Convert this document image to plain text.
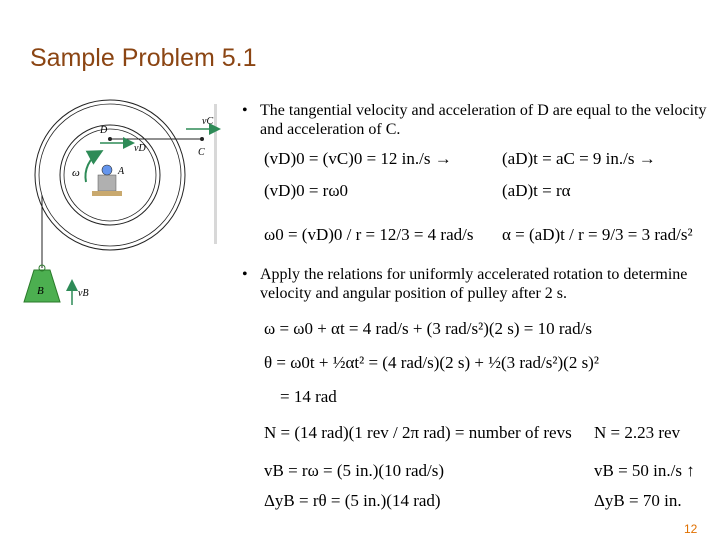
Sample Problem 5.1
vC
vD
D
C
A
ω
B	vB
• The tangential velocity and acceleration of D are equal to the velocity and acceleration of C.
(vD)0 = (vC)0 = 12 in./s →
(vD)0 = rω0
ω0 = (vD)0 / r = 12/3 = 4 rad/s
(aD)t = aC = 9 in./s →
(aD)t = rα
α = (aD)t / r = 9/3 = 3 rad/s²
• Apply the relations for uniformly accelerated rotation to determine velocity and angular position of pulley after 2 s.
ω = ω0 + αt = 4 rad/s + (3 rad/s²)(2 s) = 10 rad/s
θ = ω0t + ½αt² = (4 rad/s)(2 s) + ½(3 rad/s²)(2 s)²
= 14 rad
N = (14 rad)(1 rev / 2π rad) = number of revs
vB = rω = (5 in.)(10 rad/s)
ΔyB = rθ = (5 in.)(14 rad)
N = 2.23 rev
vB = 50 in./s ↑
ΔyB = 70 in.
12
